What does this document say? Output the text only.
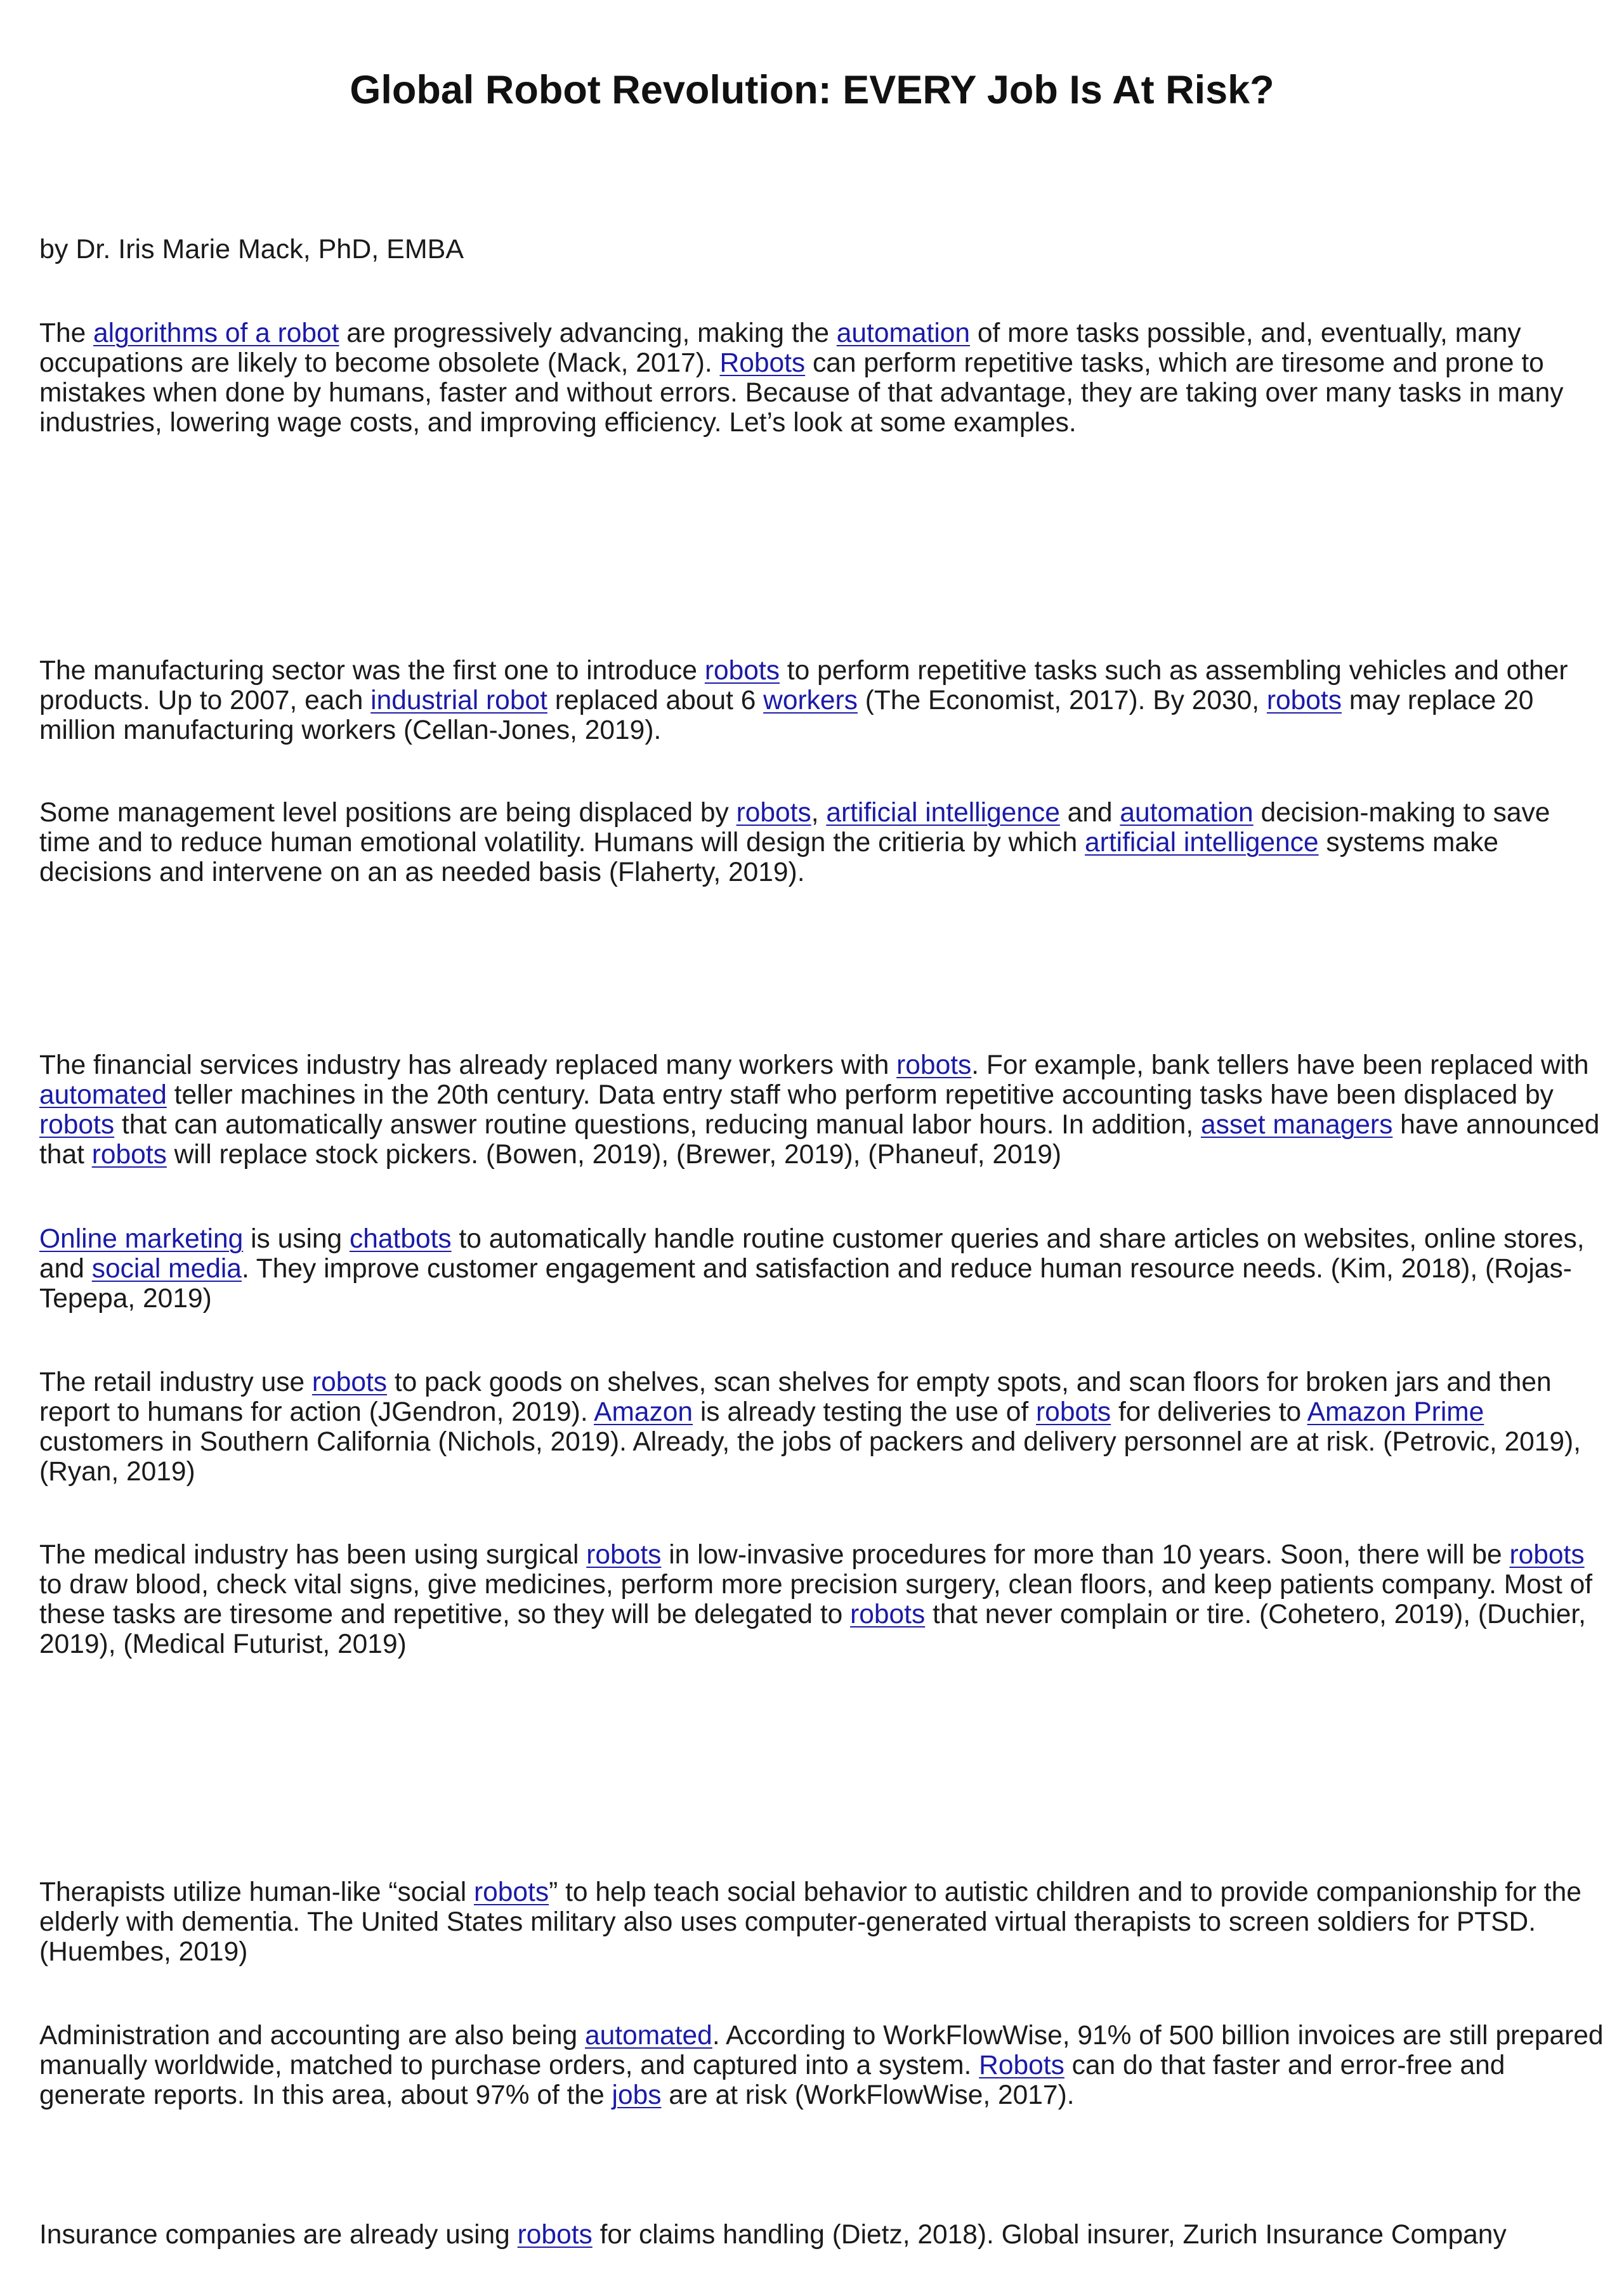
Global Robot Revolution: EVERY Job Is At Risk?

by Dr. Iris Marie Mack, PhD, EMBA

The algorithms of a robot are progressively advancing, making the automation of more tasks possible, and, eventually, many occupations are likely to become obsolete (Mack, 2017). Robots can perform repetitive tasks, which are tiresome and prone to mistakes when done by humans, faster and without errors. Because of that advantage, they are taking over many tasks in many industries, lowering wage costs, and improving efficiency. Let’s look at some examples.

The manufacturing sector was the first one to introduce robots to perform repetitive tasks such as assembling vehicles and other products. Up to 2007, each industrial robot replaced about 6 workers (The Economist, 2017). By 2030, robots may replace 20 million manufacturing workers (Cellan-Jones, 2019).

Some management level positions are being displaced by robots, artificial intelligence and automation decision-making to save time and to reduce human emotional volatility. Humans will design the critieria by which artificial intelligence systems make decisions and intervene on an as needed basis (Flaherty, 2019).

The financial services industry has already replaced many workers with robots. For example, bank tellers have been replaced with automated teller machines in the 20th century. Data entry staff who perform repetitive accounting tasks have been displaced by robots that can automatically answer routine questions, reducing manual labor hours. In addition, asset managers have announced that robots will replace stock pickers. (Bowen, 2019), (Brewer, 2019), (Phaneuf, 2019)

Online marketing is using chatbots to automatically handle routine customer queries and share articles on websites, online stores, and social media. They improve customer engagement and satisfaction and reduce human resource needs. (Kim, 2018), (Rojas-Tepepa, 2019)

The retail industry use robots to pack goods on shelves, scan shelves for empty spots, and scan floors for broken jars and then report to humans for action (JGendron, 2019). Amazon is already testing the use of robots for deliveries to Amazon Prime customers in Southern California (Nichols, 2019). Already, the jobs of packers and delivery personnel are at risk. (Petrovic, 2019), (Ryan, 2019)

The medical industry has been using surgical robots in low-invasive procedures for more than 10 years. Soon, there will be robots to draw blood, check vital signs, give medicines, perform more precision surgery, clean floors, and keep patients company. Most of these tasks are tiresome and repetitive, so they will be delegated to robots that never complain or tire. (Cohetero, 2019), (Duchier, 2019), (Medical Futurist, 2019)

Therapists utilize human-like “social robots” to help teach social behavior to autistic children and to provide companionship for the elderly with dementia. The United States military also uses computer-generated virtual therapists to screen soldiers for PTSD. (Huembes, 2019)

Administration and accounting are also being automated. According to WorkFlowWise, 91% of 500 billion invoices are still prepared manually worldwide, matched to purchase orders, and captured into a system. Robots can do that faster and error-free and generate reports. In this area, about 97% of the jobs are at risk (WorkFlowWise, 2017).

Insurance companies are already using robots for claims handling (Dietz, 2018). Global insurer, Zurich Insurance Company
